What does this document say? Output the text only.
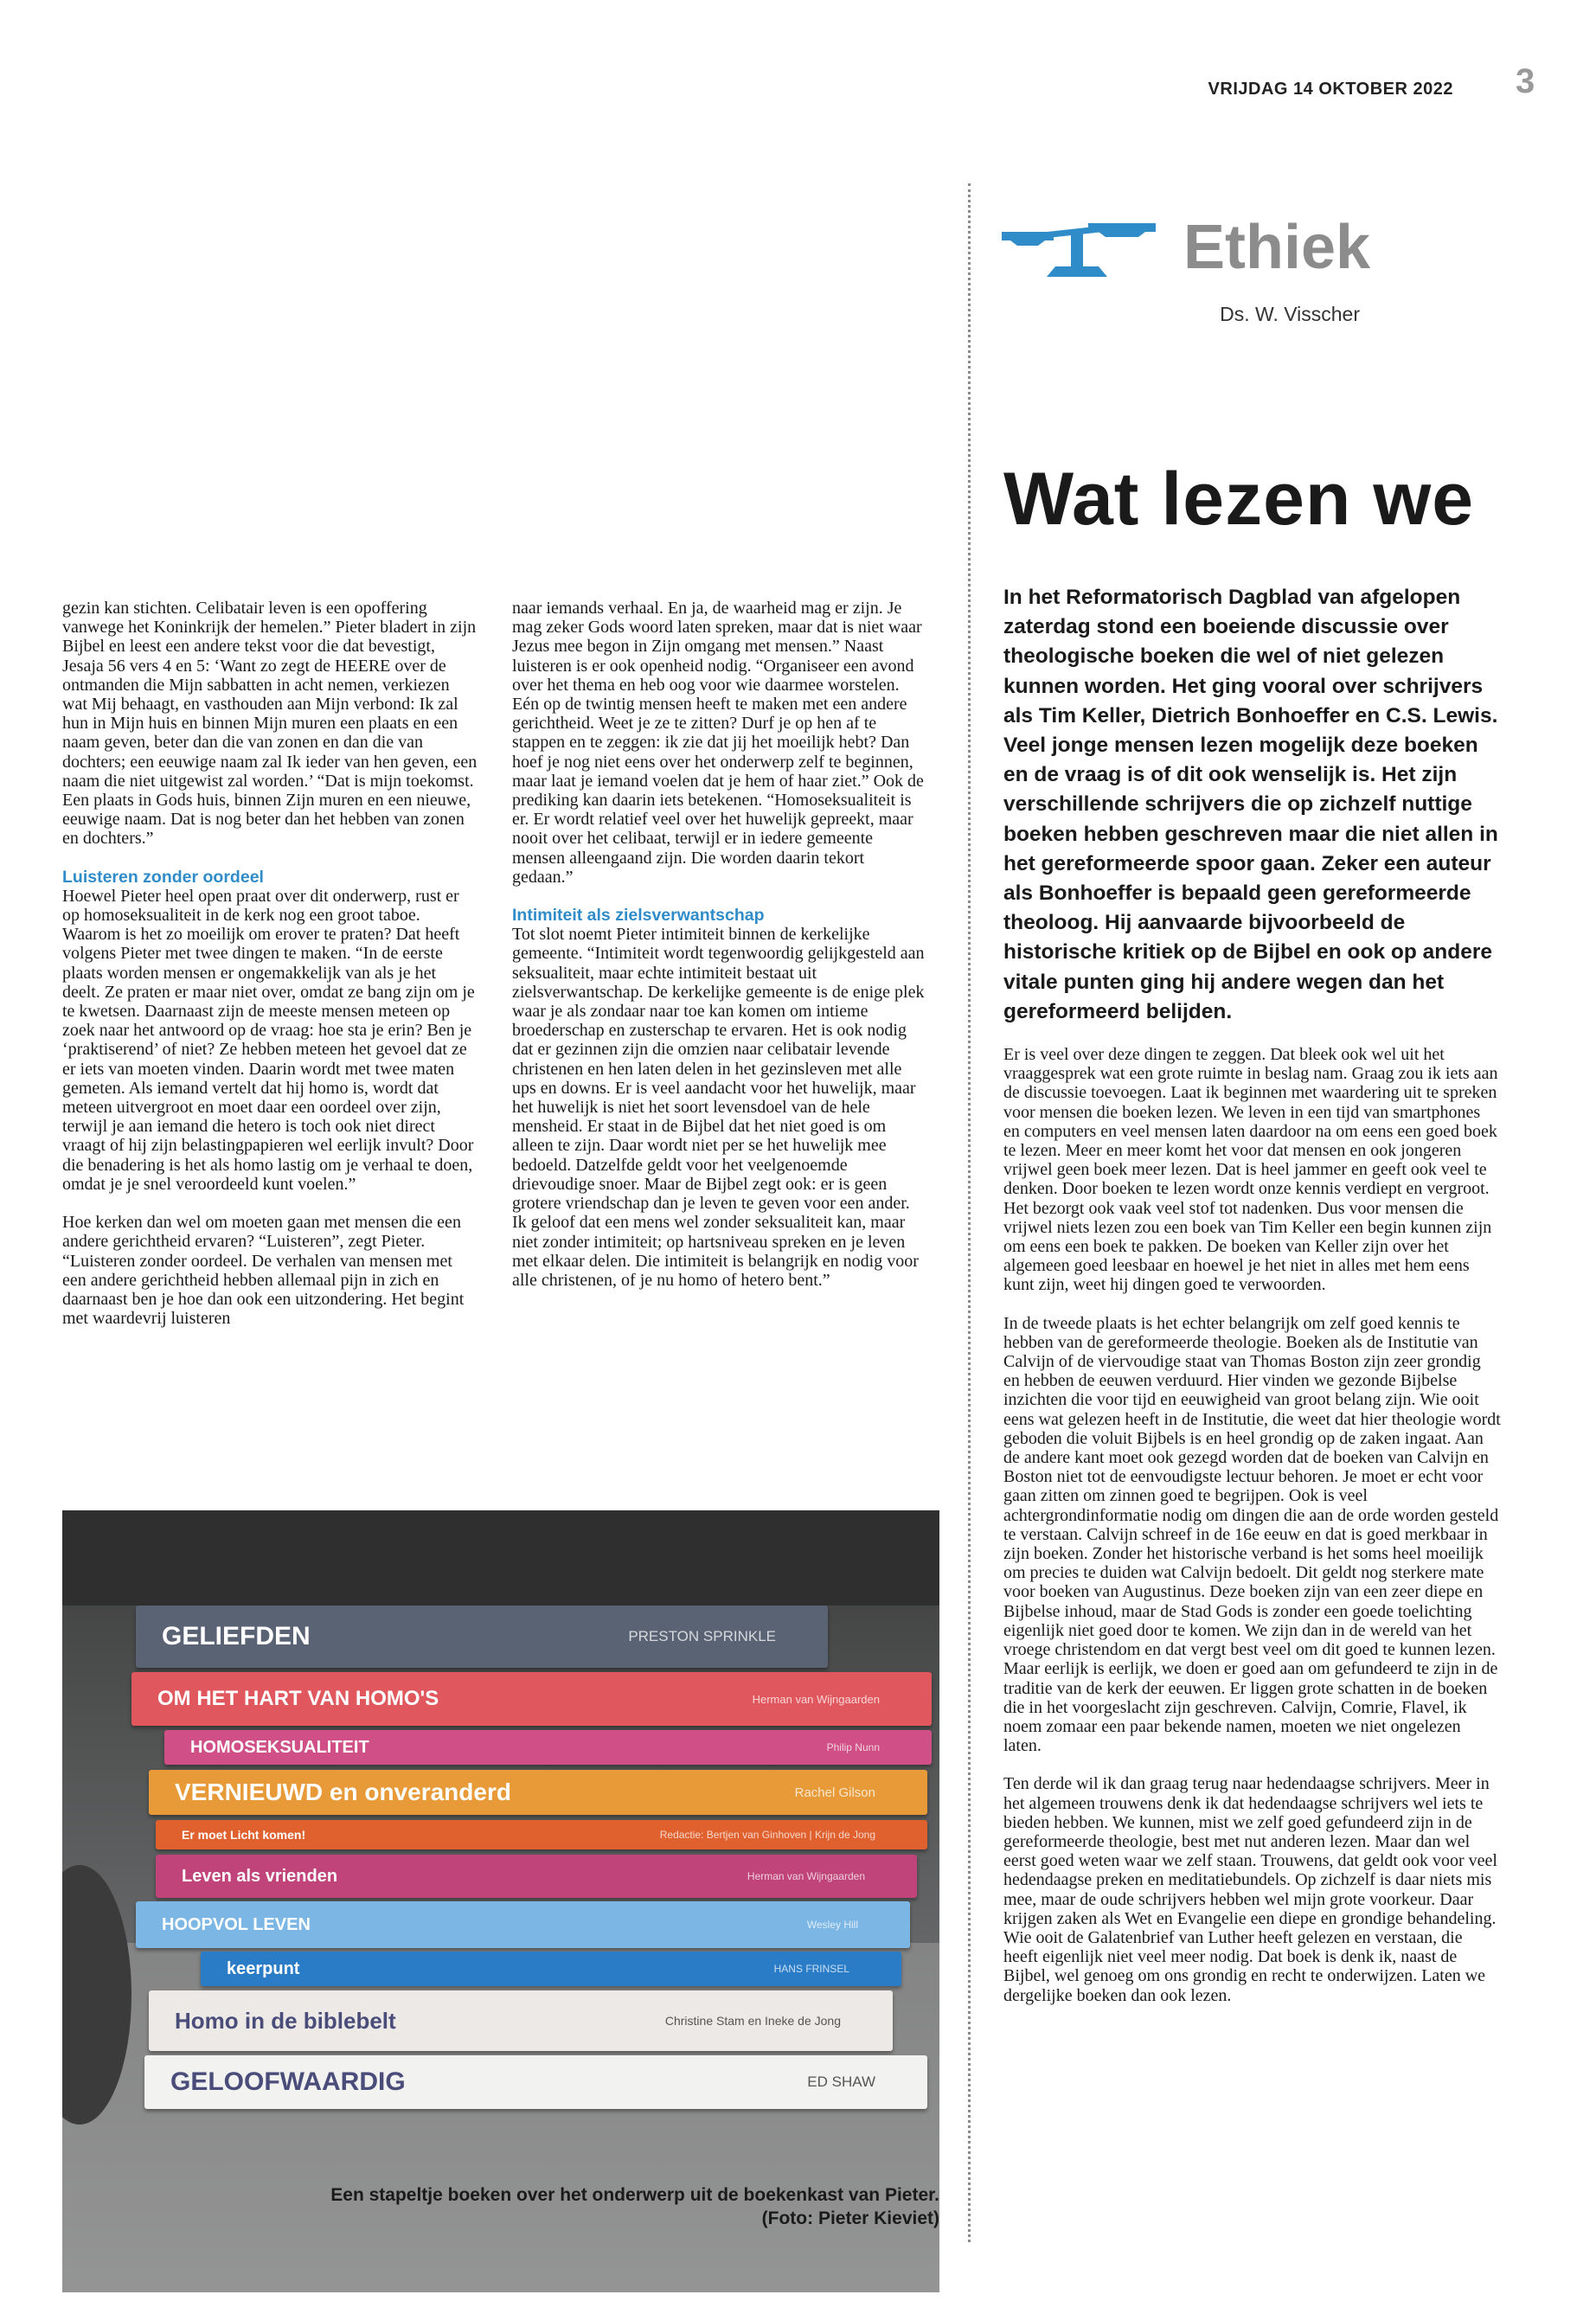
VRIJDAG 14 OKTOBER 2022 3
Ethiek
Ds. W. Visscher
Wat lezen we
In het Reformatorisch Dagblad van afgelopen zaterdag stond een boeiende discussie over theologische boeken die wel of niet gelezen kunnen worden. Het ging vooral over schrijvers als Tim Keller, Dietrich Bonhoeffer en C.S. Lewis. Veel jonge mensen lezen mogelijk deze boeken en de vraag is of dit ook wenselijk is. Het zijn verschillende schrijvers die op zichzelf nuttige boeken hebben geschreven maar die niet allen in het gereformeerde spoor gaan. Zeker een auteur als Bonhoeffer is bepaald geen gereformeerde theoloog. Hij aanvaarde bijvoorbeeld de historische kritiek op de Bijbel en ook op andere vitale punten ging hij andere wegen dan het gereformeerd belijden.

gezin kan stichten. Celibatair leven is een opoffering vanwege het Koninkrijk der hemelen.” Pieter bladert in zijn Bijbel en leest een andere tekst voor die dat bevestigt, Jesaja 56 vers 4 en 5: ‘Want zo zegt de HEERE over de ontmanden die Mijn sabbatten in acht nemen, verkiezen wat Mij behaagt, en vasthouden aan Mijn verbond: Ik zal hun in Mijn huis en binnen Mijn muren een plaats en een naam geven, beter dan die van zonen en dan die van dochters; een eeuwige naam zal Ik ieder van hen geven, een naam die niet uitgewist zal worden.’ “Dat is mijn toekomst. Een plaats in Gods huis, binnen Zijn muren en een nieuwe, eeuwige naam. Dat is nog beter dan het hebben van zonen en dochters.”

Luisteren zonder oordeel

Hoewel Pieter heel open praat over dit onderwerp, rust er op homoseksualiteit in de kerk nog een groot taboe. Waarom is het zo moeilijk om erover te praten? Dat heeft volgens Pieter met twee dingen te maken. “In de eerste plaats worden mensen er ongemakkelijk van als je het deelt. Ze praten er maar niet over, omdat ze bang zijn om je te kwetsen. Daarnaast zijn de meeste mensen meteen op zoek naar het antwoord op de vraag: hoe sta je erin? Ben je ‘praktiserend’ of niet? Ze hebben meteen het gevoel dat ze er iets van moeten vinden. Daarin wordt met twee maten gemeten. Als iemand vertelt dat hij homo is, wordt dat meteen uitvergroot en moet daar een oordeel over zijn, terwijl je aan iemand die hetero is toch ook niet direct vraagt of hij zijn belastingpapieren wel eerlijk invult? Door die benadering is het als homo lastig om je verhaal te doen, omdat je je snel veroordeeld kunt voelen.”

Hoe kerken dan wel om moeten gaan met mensen die een andere gerichtheid ervaren? “Luisteren”, zegt Pieter. “Luisteren zonder oordeel. De verhalen van mensen met een andere gerichtheid hebben allemaal pijn in zich en daarnaast ben je hoe dan ook een uitzondering. Het begint met waardevrij luisteren

naar iemands verhaal. En ja, de waarheid mag er zijn. Je mag zeker Gods woord laten spreken, maar dat is niet waar Jezus mee begon in Zijn omgang met mensen.” Naast luisteren is er ook openheid nodig. “Organiseer een avond over het thema en heb oog voor wie daarmee worstelen. Eén op de twintig mensen heeft te maken met een andere gerichtheid. Weet je ze te zitten? Durf je op hen af te stappen en te zeggen: ik zie dat jij het moeilijk hebt? Dan hoef je nog niet eens over het onderwerp zelf te beginnen, maar laat je iemand voelen dat je hem of haar ziet.” Ook de prediking kan daarin iets betekenen. “Homoseksualiteit is er. Er wordt relatief veel over het huwelijk gepreekt, maar nooit over het celibaat, terwijl er in iedere gemeente mensen alleengaand zijn. Die worden daarin tekort gedaan.”

Intimiteit als zielsverwantschap

Tot slot noemt Pieter intimiteit binnen de kerkelijke gemeente. “Intimiteit wordt tegenwoordig gelijkgesteld aan seksualiteit, maar echte intimiteit bestaat uit zielsverwantschap. De kerkelijke gemeente is de enige plek waar je als zondaar naar toe kan komen om intieme broederschap en zusterschap te ervaren. Het is ook nodig dat er gezinnen zijn die omzien naar celibatair levende christenen en hen laten delen in het gezinsleven met alle ups en downs. Er is veel aandacht voor het huwelijk, maar het huwelijk is niet het soort levensdoel van de hele mensheid. Er staat in de Bijbel dat het niet goed is om alleen te zijn. Daar wordt niet per se het huwelijk mee bedoeld. Datzelfde geldt voor het veelgenoemde drievoudige snoer. Maar de Bijbel zegt ook: er is geen grotere vriendschap dan je leven te geven voor een ander. Ik geloof dat een mens wel zonder seksualiteit kan, maar niet zonder intimiteit; op hartsniveau spreken en je leven met elkaar delen. Die intimiteit is belangrijk en nodig voor alle christenen, of je nu homo of hetero bent.”

Er is veel over deze dingen te zeggen. Dat bleek ook wel uit het vraaggesprek wat een grote ruimte in beslag nam. Graag zou ik iets aan de discussie toevoegen. Laat ik beginnen met waardering uit te spreken voor mensen die boeken lezen. We leven in een tijd van smartphones en computers en veel mensen laten daardoor na om eens een goed boek te lezen. Meer en meer komt het voor dat mensen en ook jongeren vrijwel geen boek meer lezen. Dat is heel jammer en geeft ook veel te denken. Door boeken te lezen wordt onze kennis verdiept en vergroot. Het bezorgt ook vaak veel stof tot nadenken. Dus voor mensen die vrijwel niets lezen zou een boek van Tim Keller een begin kunnen zijn om eens een boek te pakken. De boeken van Keller zijn over het algemeen goed leesbaar en hoewel je het niet in alles met hem eens kunt zijn, weet hij dingen goed te verwoorden.

In de tweede plaats is het echter belangrijk om zelf goed kennis te hebben van de gereformeerde theologie. Boeken als de Institutie van Calvijn of de viervoudige staat van Thomas Boston zijn zeer grondig en hebben de eeuwen verduurd. Hier vinden we gezonde Bijbelse inzichten die voor tijd en eeuwigheid van groot belang zijn. Wie ooit eens wat gelezen heeft in de Institutie, die weet dat hier theologie wordt geboden die voluit Bijbels is en heel grondig op de zaken ingaat. Aan de andere kant moet ook gezegd worden dat de boeken van Calvijn en Boston niet tot de eenvoudigste lectuur behoren. Je moet er echt voor gaan zitten om zinnen goed te begrijpen. Ook is veel achtergrondinformatie nodig om dingen die aan de orde worden gesteld te verstaan. Calvijn schreef in de 16e eeuw en dat is goed merkbaar in zijn boeken. Zonder het historische verband is het soms heel moeilijk om precies te duiden wat Calvijn bedoelt. Dit geldt nog sterkere mate voor boeken van Augustinus. Deze boeken zijn van een zeer diepe en Bijbelse inhoud, maar de Stad Gods is zonder een goede toelichting eigenlijk niet goed door te komen. We zijn dan in de wereld van het vroege christendom en dat vergt best veel om dit goed te kunnen lezen. Maar eerlijk is eerlijk, we doen er goed aan om gefundeerd te zijn in de traditie van de kerk der eeuwen. Er liggen grote schatten in de boeken die in het voorgeslacht zijn geschreven. Calvijn, Comrie, Flavel, ik noem zomaar een paar bekende namen, moeten we niet ongelezen laten.

Ten derde wil ik dan graag terug naar hedendaagse schrijvers. Meer in het algemeen trouwens denk ik dat hedendaagse schrijvers wel iets te bieden hebben. We kunnen, mist we zelf goed gefundeerd zijn in de gereformeerde theologie, best met nut anderen lezen. Maar dan wel eerst goed weten waar we zelf staan. Trouwens, dat geldt ook voor veel hedendaagse preken en meditatiebundels. Op zichzelf is daar niets mis mee, maar de oude schrijvers hebben wel mijn grote voorkeur. Daar krijgen zaken als Wet en Evangelie een diepe en grondige behandeling. Wie ooit de Galatenbrief van Luther heeft gelezen en verstaan, die heeft eigenlijk niet veel meer nodig. Dat boek is denk ik, naast de Bijbel, wel genoeg om ons grondig en recht te onderwijzen. Laten we dergelijke boeken dan ook lezen.

GELIEFDEN	PRESTON SPRINKLE
OM HET HART VAN HOMO'S	Herman van Wijngaarden
HOMOSEKSUALITEIT	Philip Nunn
VERNIEUWD en onveranderd	Rachel Gilson
Er moet Licht komen!	Redactie: Bertjen van Ginhoven | Krijn de Jong
Leven als vrienden	Herman van Wijngaarden
HOOPVOL LEVEN	Wesley Hill
keerpunt	HANS FRINSEL
Homo in de biblebelt	Christine Stam en Ineke de Jong
GELOOFWAARDIG	ED SHAW
Een stapeltje boeken over het onderwerp uit de boekenkast van Pieter.
(Foto: Pieter Kieviet)
